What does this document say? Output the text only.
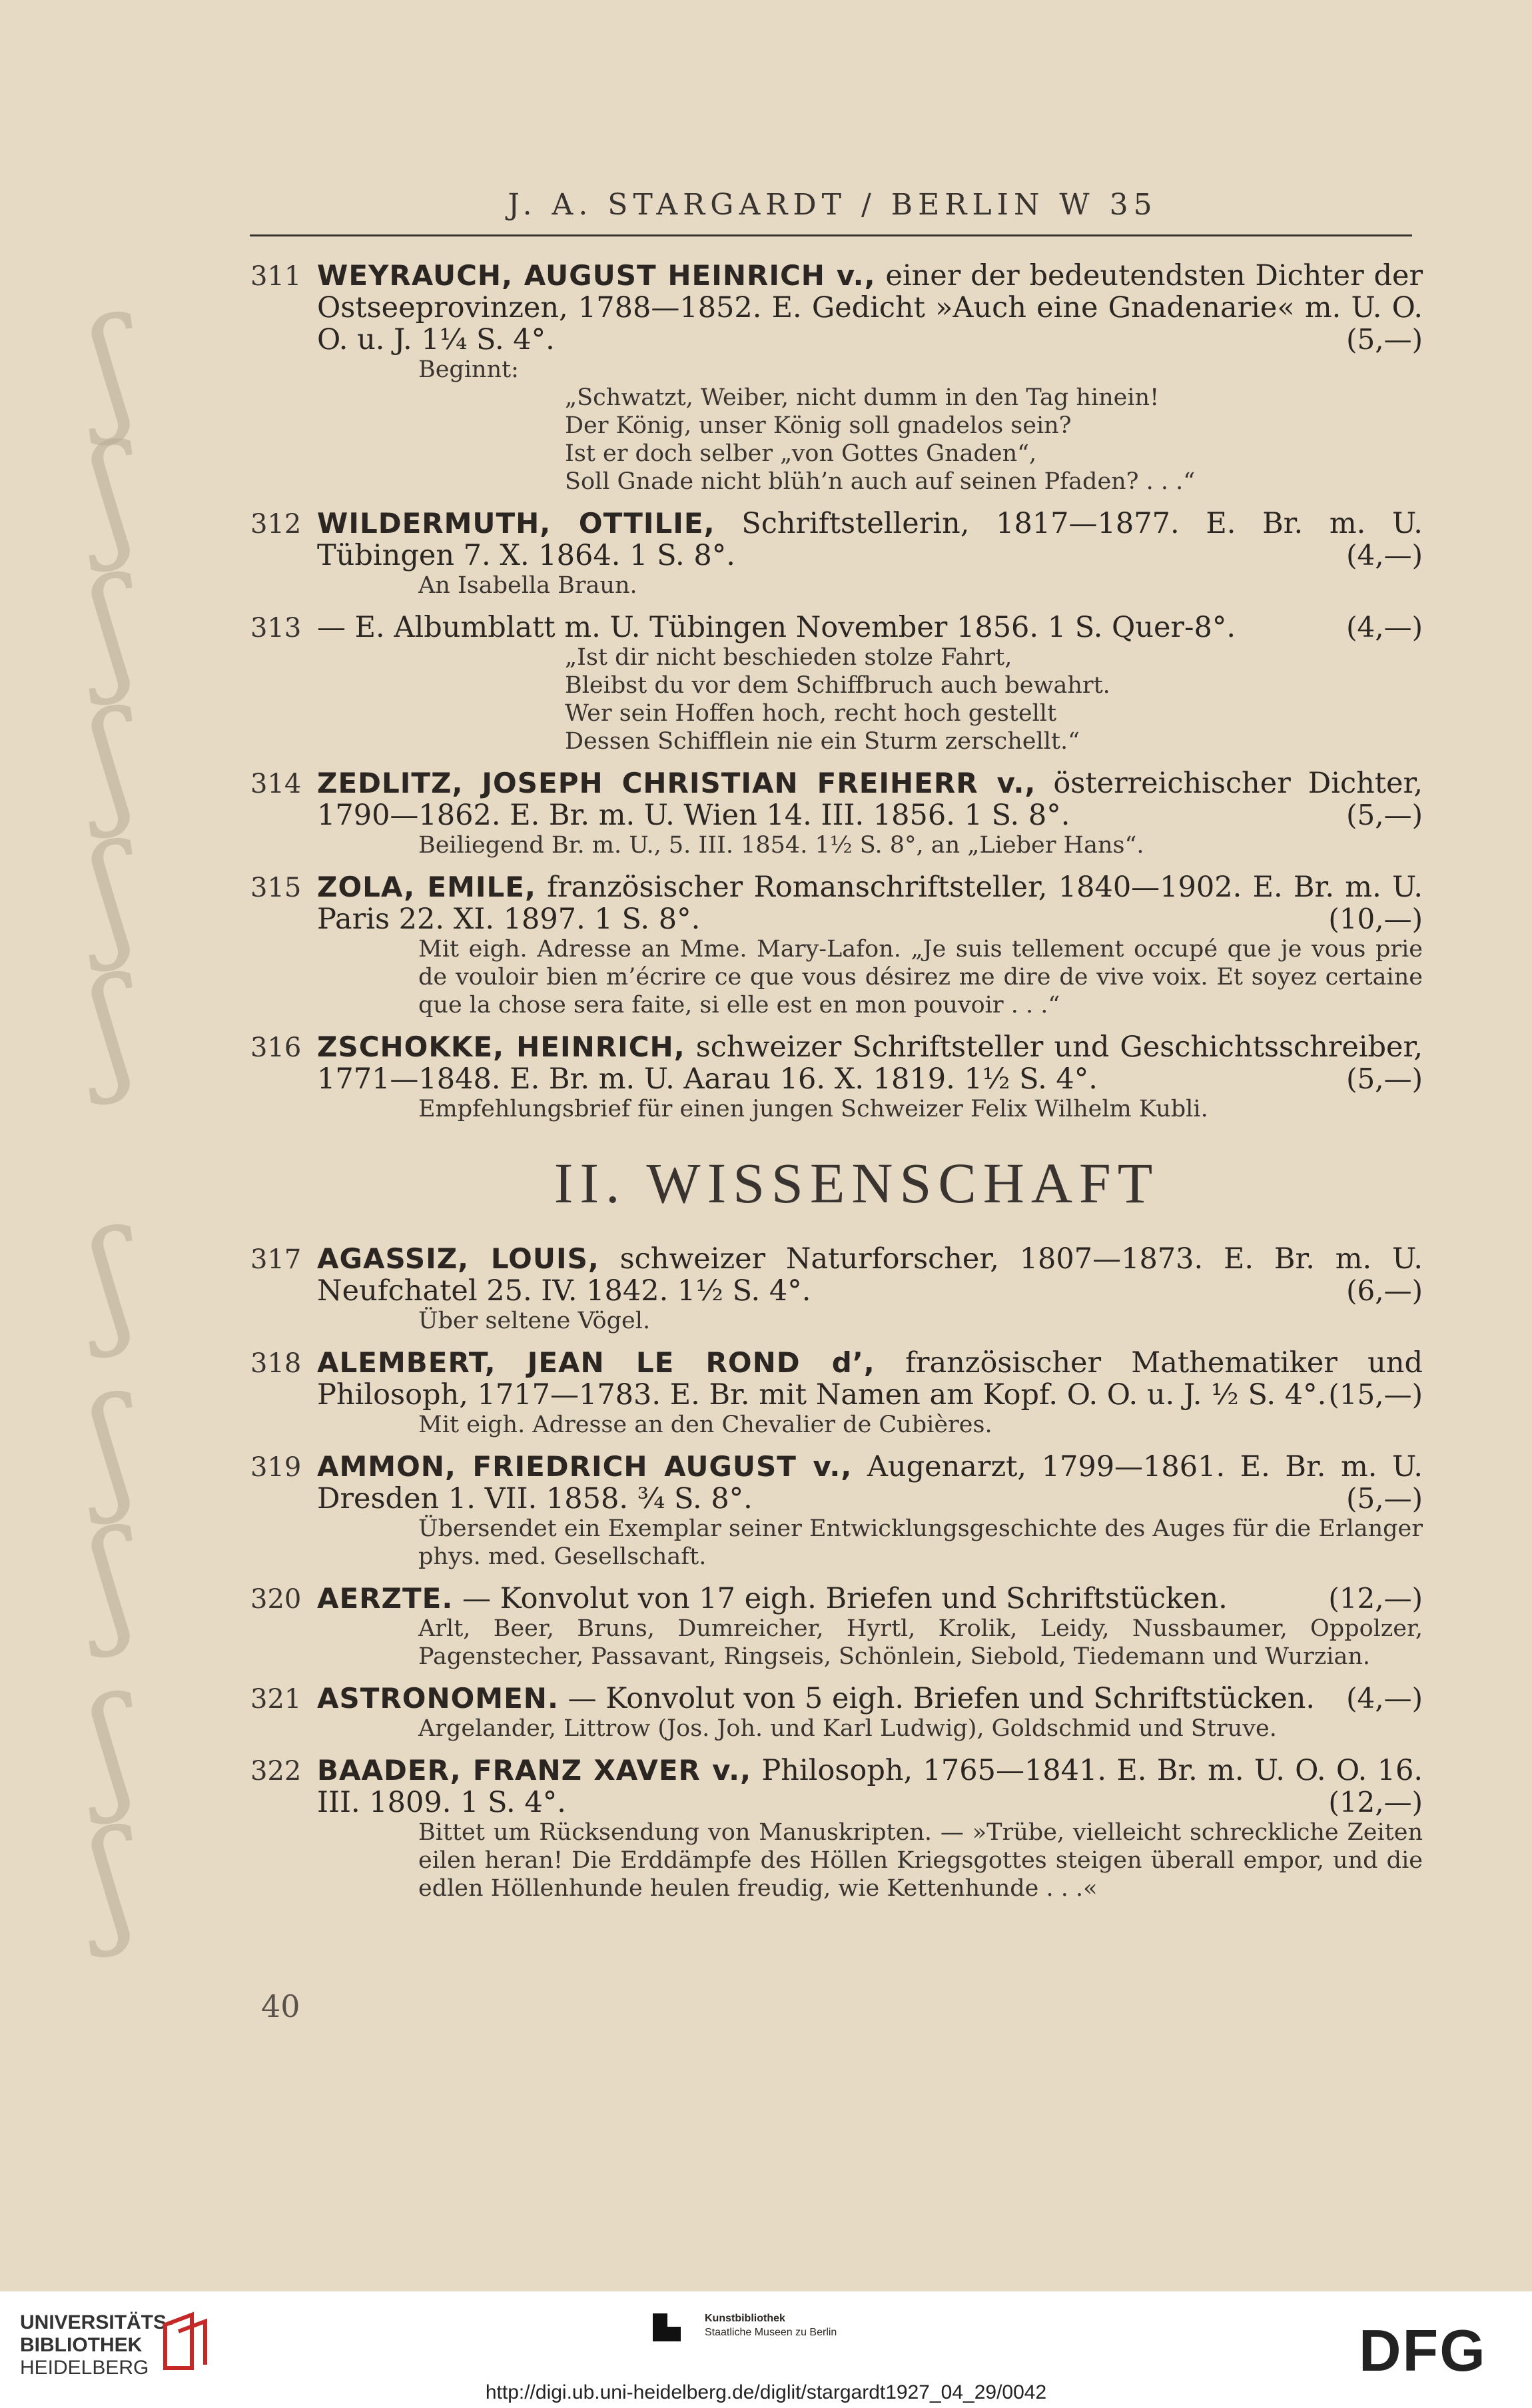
J. A. STARGARDT / BERLIN W 35
ʃ
ʃ
ʃ
ʃ
ʃ
ʃ
ʃ
ʃ
ʃ
ʃ
ʃ
311 WEYRAUCH, AUGUST HEINRICH v., einer der bedeutendsten Dichter der Ostseeprovinzen, 1788—1852. E. Gedicht »Auch eine Gnadenarie« m. U. O. O. u. J. 1¼ S. 4°.	(5,—)
Beginnt:
„Schwatzt, Weiber, nicht dumm in den Tag hinein!
Der König, unser König soll gnadelos sein?
Ist er doch selber „von Gottes Gnaden“,
Soll Gnade nicht blüh’n auch auf seinen Pfaden? . . .“
312 WILDERMUTH, OTTILIE, Schriftstellerin, 1817—1877. E. Br. m. U. Tübingen 7. X. 1864. 1 S. 8°.	(4,—)
An Isabella Braun.
313 — E. Albumblatt m. U. Tübingen November 1856. 1 S. Quer-8°.	(4,—)
„Ist dir nicht beschieden stolze Fahrt,
Bleibst du vor dem Schiffbruch auch bewahrt.
Wer sein Hoffen hoch, recht hoch gestellt
Dessen Schifflein nie ein Sturm zerschellt.“
314 ZEDLITZ, JOSEPH CHRISTIAN FREIHERR v., österreichischer Dichter, 1790—1862. E. Br. m. U. Wien 14. III. 1856. 1 S. 8°.	(5,—)
Beiliegend Br. m. U., 5. III. 1854. 1½ S. 8°, an „Lieber Hans“.
315 ZOLA, EMILE, französischer Romanschriftsteller, 1840—1902. E. Br. m. U. Paris 22. XI. 1897. 1 S. 8°.	(10,—)
Mit eigh. Adresse an Mme. Mary-Lafon. „Je suis tellement occupé que je vous prie de vouloir bien m’écrire ce que vous désirez me dire de vive voix. Et soyez certaine que la chose sera faite, si elle est en mon pouvoir . . .“
316 ZSCHOKKE, HEINRICH, schweizer Schriftsteller und Geschichtsschreiber, 1771—1848. E. Br. m. U. Aarau 16. X. 1819. 1½ S. 4°.	(5,—)
Empfehlungsbrief für einen jungen Schweizer Felix Wilhelm Kubli.
II. WISSENSCHAFT
317 AGASSIZ, LOUIS, schweizer Naturforscher, 1807—1873. E. Br. m. U. Neufchatel 25. IV. 1842. 1½ S. 4°.	(6,—)
Über seltene Vögel.
318 ALEMBERT, JEAN LE ROND d’, französischer Mathematiker und Philosoph, 1717—1783. E. Br. mit Namen am Kopf. O. O. u. J. ½ S. 4°. (15,—)
Mit eigh. Adresse an den Chevalier de Cubières.
319 AMMON, FRIEDRICH AUGUST v., Augenarzt, 1799—1861. E. Br. m. U. Dresden 1. VII. 1858. ¾ S. 8°.	(5,—)
Übersendet ein Exemplar seiner Entwicklungsgeschichte des Auges für die Erlanger phys. med. Gesellschaft.
320 AERZTE. — Konvolut von 17 eigh. Briefen und Schriftstücken.	(12,—)
Arlt, Beer, Bruns, Dumreicher, Hyrtl, Krolik, Leidy, Nussbaumer, Oppolzer, Pagenstecher, Passavant, Ringseis, Schönlein, Siebold, Tiedemann und Wurzian.
321 ASTRONOMEN. — Konvolut von 5 eigh. Briefen und Schriftstücken. (4,—)
Argelander, Littrow (Jos. Joh. und Karl Ludwig), Goldschmid und Struve.
322 BAADER, FRANZ XAVER v., Philosoph, 1765—1841. E. Br. m. U. O. O. 16. III. 1809. 1 S. 4°.	(12,—)
Bittet um Rücksendung von Manuskripten. — »Trübe, vielleicht schreckliche Zeiten eilen heran! Die Erddämpfe des Höllen Kriegsgottes steigen überall empor, und die edlen Höllenhunde heulen freudig, wie Kettenhunde . . .«
40
UNIVERSITÄTS-
BIBLIOTHEK
HEIDELBERG
Kunstbibliothek
Staatliche Museen zu Berlin	DFG
http://digi.ub.uni-heidelberg.de/diglit/stargardt1927_04_29/0042
